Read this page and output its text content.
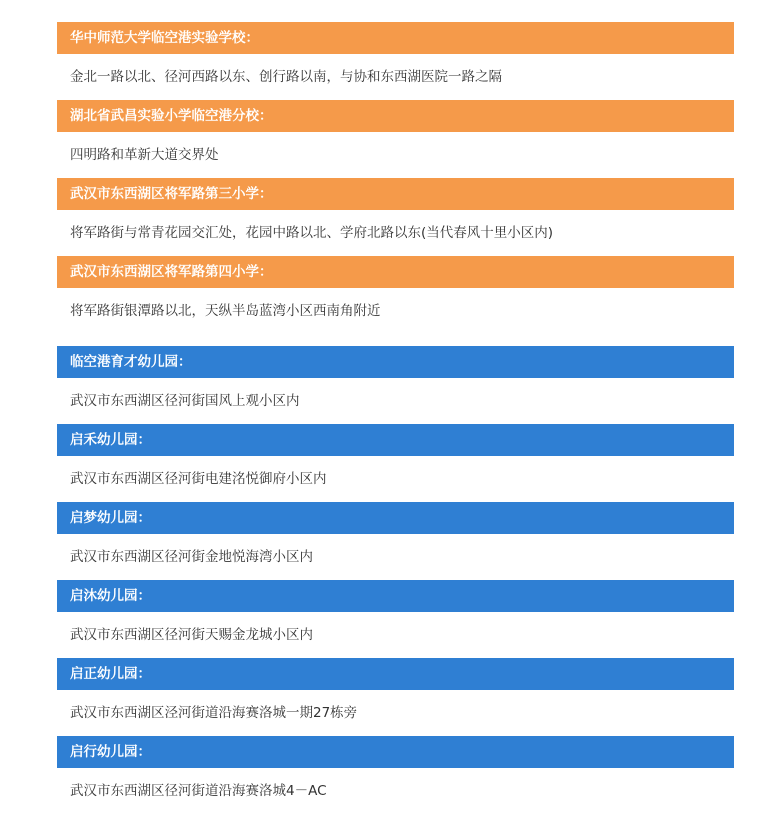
华中师范大学临空港实验学校：
金北一路以北、径河西路以东、创行路以南，与协和东西湖医院一路之隔
湖北省武昌实验小学临空港分校：
四明路和革新大道交界处
武汉市东西湖区将军路第三小学：
将军路街与常青花园交汇处，花园中路以北、学府北路以东(当代春风十里小区内)
武汉市东西湖区将军路第四小学：
将军路街银潭路以北，天纵半岛蓝湾小区西南角附近
临空港育才幼儿园：
武汉市东西湖区径河街国风上观小区内
启禾幼儿园：
武汉市东西湖区径河街电建洺悦御府小区内
启梦幼儿园：
武汉市东西湖区径河街金地悦海湾小区内
启沐幼儿园：
武汉市东西湖区径河街天赐金龙城小区内
启正幼儿园：
武汉市东西湖区泾河街道沿海赛洛城一期27栋旁
启行幼儿园：
武汉市东西湖区径河街道沿海赛洛城4－AC
